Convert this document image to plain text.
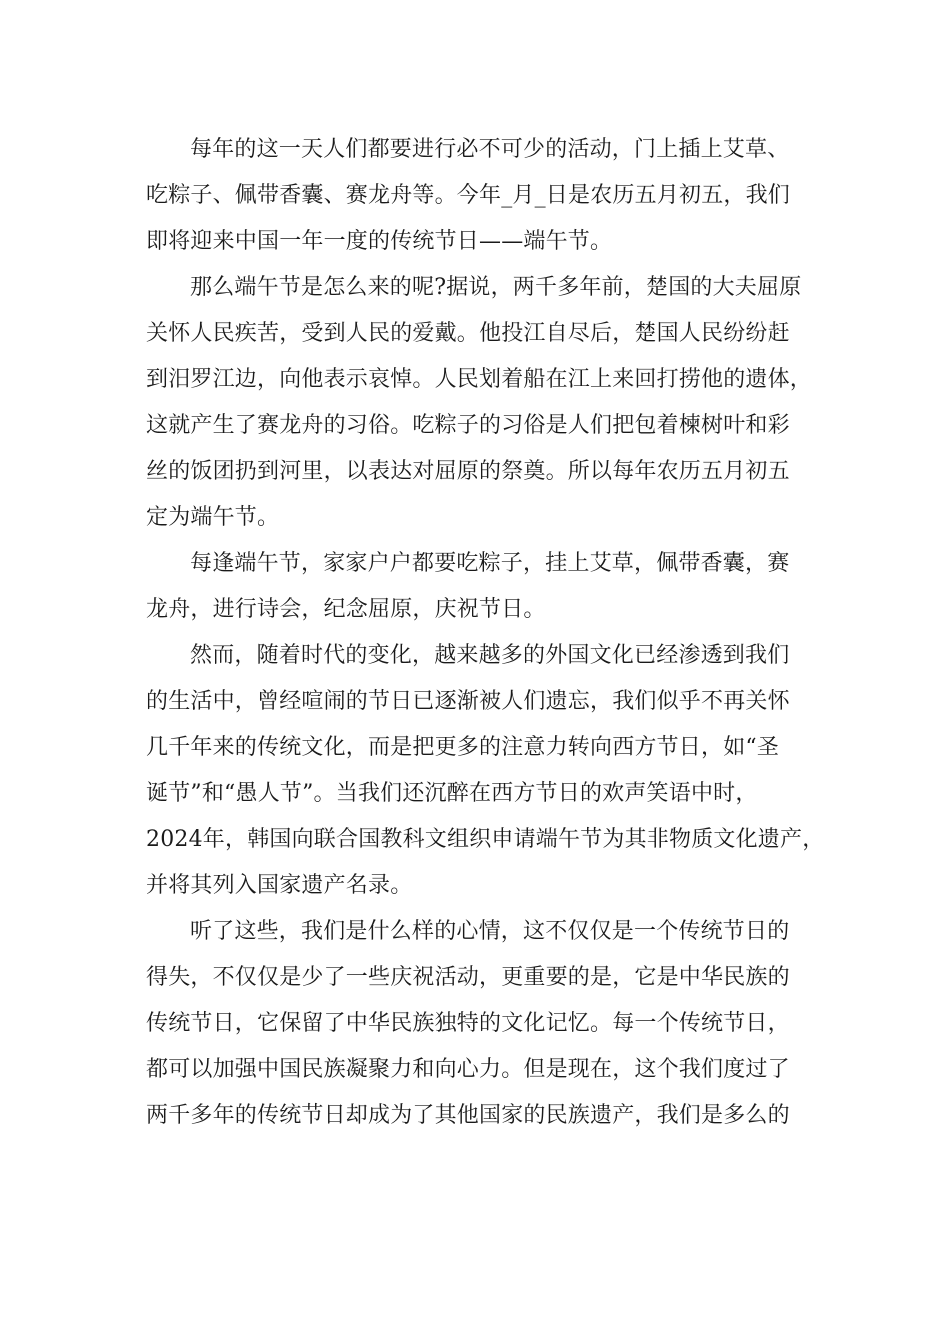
每年的这一天人们都要进行必不可少的活动，门上插上艾草、
吃粽子、佩带香囊、赛龙舟等。今年_月_日是农历五月初五，我们
即将迎来中国一年一度的传统节日——端午节。
那么端午节是怎么来的呢?据说，两千多年前，楚国的大夫屈原
关怀人民疾苦，受到人民的爱戴。他投江自尽后，楚国人民纷纷赶
到汨罗江边，向他表示哀悼。人民划着船在江上来回打捞他的遗体，
这就产生了赛龙舟的习俗。吃粽子的习俗是人们把包着楝树叶和彩
丝的饭团扔到河里，以表达对屈原的祭奠。所以每年农历五月初五
定为端午节。
每逢端午节，家家户户都要吃粽子，挂上艾草，佩带香囊，赛
龙舟，进行诗会，纪念屈原，庆祝节日。
然而，随着时代的变化，越来越多的外国文化已经渗透到我们
的生活中，曾经喧闹的节日已逐渐被人们遗忘，我们似乎不再关怀
几千年来的传统文化，而是把更多的注意力转向西方节日，如“圣
诞节”和“愚人节”。当我们还沉醉在西方节日的欢声笑语中时，
2024年，韩国向联合国教科文组织申请端午节为其非物质文化遗产，
并将其列入国家遗产名录。
听了这些，我们是什么样的心情，这不仅仅是一个传统节日的
得失，不仅仅是少了一些庆祝活动，更重要的是，它是中华民族的
传统节日，它保留了中华民族独特的文化记忆。每一个传统节日，
都可以加强中国民族凝聚力和向心力。但是现在，这个我们度过了
两千多年的传统节日却成为了其他国家的民族遗产，我们是多么的
